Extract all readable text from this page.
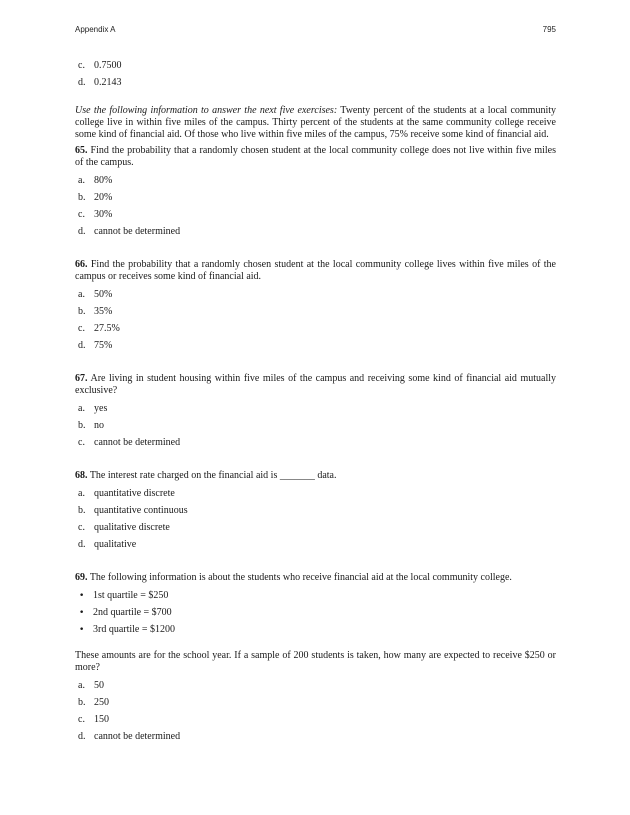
Appendix A	795
c. 0.7500
d. 0.2143

Use the following information to answer the next five exercises: Twenty percent of the students at a local community college live in within five miles of the campus. Thirty percent of the students at the same community college receive some kind of financial aid. Of those who live within five miles of the campus, 75% receive some kind of financial aid.

65. Find the probability that a randomly chosen student at the local community college does not live within five miles of the campus.

a. 80%
b. 20%
c. 30%
d. cannot be determined

66. Find the probability that a randomly chosen student at the local community college lives within five miles of the campus or receives some kind of financial aid.

a. 50%
b. 35%
c. 27.5%
d. 75%

67. Are living in student housing within five miles of the campus and receiving some kind of financial aid mutually exclusive?

a. yes
b. no
c. cannot be determined

68. The interest rate charged on the financial aid is _______ data.

a. quantitative discrete
b. quantitative continuous
c. qualitative discrete
d. qualitative

69. The following information is about the students who receive financial aid at the local community college.

• 1st quartile = $250
• 2nd quartile = $700
• 3rd quartile = $1200

These amounts are for the school year. If a sample of 200 students is taken, how many are expected to receive $250 or more?

a. 50
b. 250
c. 150
d. cannot be determined
